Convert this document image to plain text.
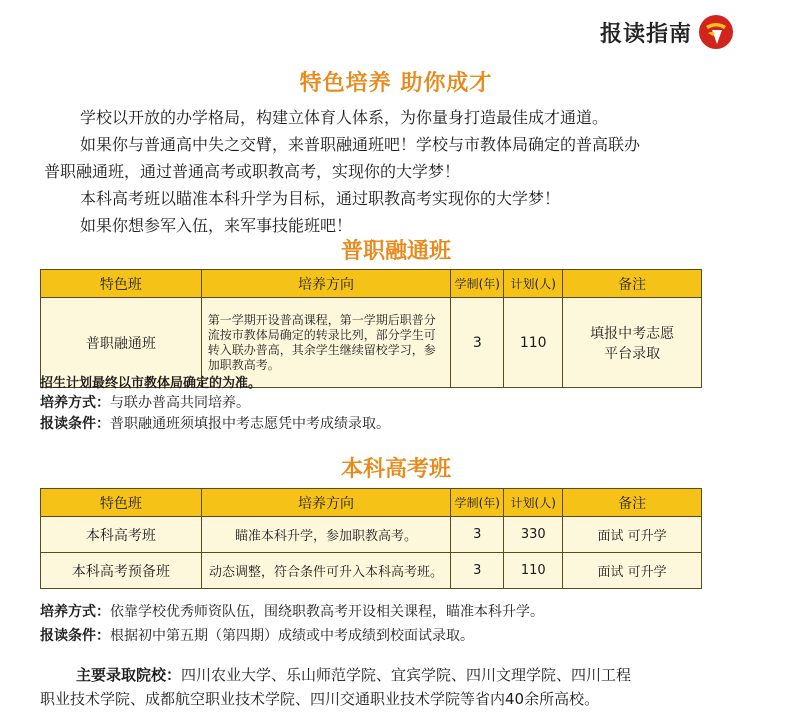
报读指南
特色培养 助你成才

学校以开放的办学格局，构建立体育人体系，为你量身打造最佳成才通道。

如果你与普通高中失之交臂，来普职融通班吧！学校与市教体局确定的普高联办

普职融通班，通过普通高考或职教高考，实现你的大学梦！

本科高考班以瞄准本科升学为目标，通过职教高考实现你的大学梦！

如果你想参军入伍，来军事技能班吧！

普职融通班
特色班	培养方向	学制(年)	计划(人)	备注
普职融通班	第一学期开设普高课程，第一学期后职普分流按市教体局确定的转录比列，部分学生可转入联办普高，其余学生继续留校学习，参加职教高考。	3	110	填报中考志愿
平台录取
招生计划最终以市教体局确定的为准。
培养方式：与联办普高共同培养。
报读条件：普职融通班须填报中考志愿凭中考成绩录取。
本科高考班
特色班	培养方向	学制(年)	计划(人)	备注
本科高考班	瞄准本科升学，参加职教高考。	3	330	面试 可升学
本科高考预备班	动态调整，符合条件可升入本科高考班。	3	110	面试 可升学
培养方式：依靠学校优秀师资队伍，围绕职教高考开设相关课程，瞄准本科升学。
报读条件：根据初中第五期（第四期）成绩或中考成绩到校面试录取。
主要录取院校：四川农业大学、乐山师范学院、宜宾学院、四川文理学院、四川工程
职业技术学院、成都航空职业技术学院、四川交通职业技术学院等省内40余所高校。
